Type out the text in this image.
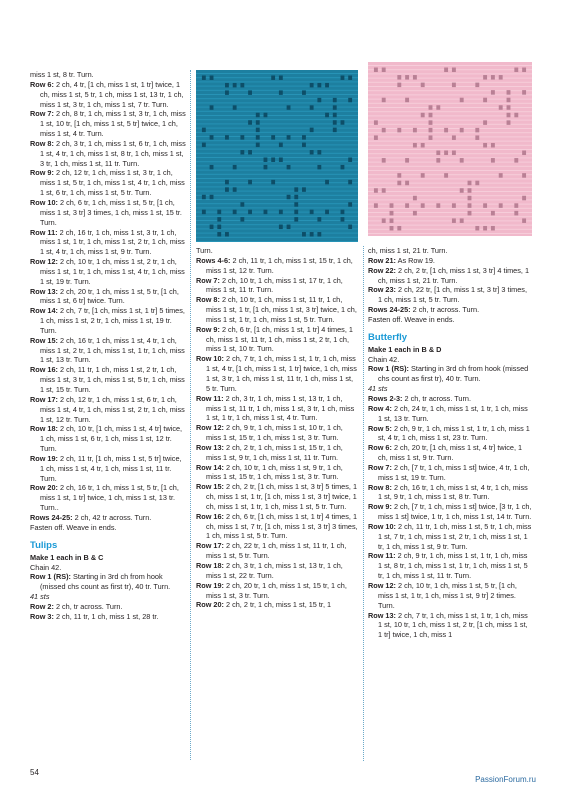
miss 1 st, 8 tr. Turn.

Row 6: 2 ch, 4 tr, [1 ch, miss 1 st, 1 tr] twice, 1 ch, miss 1 st, 5 tr, 1 ch, miss 1 st, 13 tr, 1 ch, miss 1 st, 3 tr, 1 ch, miss 1 st, 7 tr. Turn.

Row 7: 2 ch, 8 tr, 1 ch, miss 1 st, 3 tr, 1 ch, miss 1 st, 10 tr, [1 ch, miss 1 st, 5 tr] twice, 1 ch, miss 1 st, 4 tr. Turn.

Row 8: 2 ch, 3 tr, 1 ch, miss 1 st, 6 tr, 1 ch, miss 1 st, 4 tr, 1 ch, miss 1 st, 8 tr, 1 ch, miss 1 st, 3 tr, 1 ch, miss 1 st, 11 tr. Turn.

Row 9: 2 ch, 12 tr, 1 ch, miss 1 st, 3 tr, 1 ch, miss 1 st, 5 tr, 1 ch, miss 1 st, 4 tr, 1 ch, miss 1 st, 6 tr, 1 ch, miss 1 st, 5 tr. Turn.

Row 10: 2 ch, 6 tr, 1 ch, miss 1 st, 5 tr, [1 ch, miss 1 st, 3 tr] 3 times, 1 ch, miss 1 st, 15 tr. Turn.

Row 11: 2 ch, 16 tr, 1 ch, miss 1 st, 3 tr, 1 ch, miss 1 st, 1 tr, 1 ch, miss 1 st, 2 tr, 1 ch, miss 1 st, 4 tr, 1 ch, miss 1 st, 9 tr. Turn.

Row 12: 2 ch, 10 tr, 1 ch, miss 1 st, 2 tr, 1 ch, miss 1 st, 1 tr, 1 ch, miss 1 st, 4 tr, 1 ch, miss 1 st, 19 tr. Turn.

Row 13: 2 ch, 20 tr, 1 ch, miss 1 st, 5 tr, [1 ch, miss 1 st, 6 tr] twice. Turn.

Row 14: 2 ch, 7 tr, [1 ch, miss 1 st, 1 tr] 5 times, 1 ch, miss 1 st, 2 tr, 1 ch, miss 1 st, 19 tr. Turn.

Row 15: 2 ch, 16 tr, 1 ch, miss 1 st, 4 tr, 1 ch, miss 1 st, 2 tr, 1 ch, miss 1 st, 1 tr, 1 ch, miss 1 st, 13 tr. Turn.

Row 16: 2 ch, 11 tr, 1 ch, miss 1 st, 2 tr, 1 ch, miss 1 st, 3 tr, 1 ch, miss 1 st, 5 tr, 1 ch, miss 1 st, 15 tr. Turn.

Row 17: 2 ch, 12 tr, 1 ch, miss 1 st, 6 tr, 1 ch, miss 1 st, 4 tr, 1 ch, miss 1 st, 2 tr, 1 ch, miss 1 st, 12 tr. Turn.

Row 18: 2 ch, 10 tr, [1 ch, miss 1 st, 4 tr] twice, 1 ch, miss 1 st, 6 tr, 1 ch, miss 1 st, 12 tr. Turn.

Row 19: 2 ch, 11 tr, [1 ch, miss 1 st, 5 tr] twice, 1 ch, miss 1 st, 4 tr, 1 ch, miss 1 st, 11 tr. Turn.

Row 20: 2 ch, 16 tr, 1 ch, miss 1 st, 5 tr, [1 ch, miss 1 st, 1 tr] twice, 1 ch, miss 1 st, 13 tr. Turn..

Rows 24-25: 2 ch, 42 tr across. Turn.

Fasten off. Weave in ends.

Tulips

Make 1 each in B & C

Chain 42.

Row 1 (RS): Starting in 3rd ch from hook (missed chs count as first tr), 40 tr. Turn.

41 sts

Row 2: 2 ch, tr across. Turn.

Row 3: 2 ch, 11 tr, 1 ch, miss 1 st, 28 tr.

Turn.

Rows 4-6: 2 ch, 11 tr, 1 ch, miss 1 st, 15 tr, 1 ch, miss 1 st, 12 tr. Turn.

Row 7: 2 ch, 10 tr, 1 ch, miss 1 st, 17 tr, 1 ch, miss 1 st, 11 tr. Turn.

Row 8: 2 ch, 10 tr, 1 ch, miss 1 st, 11 tr, 1 ch, miss 1 st, 1 tr, [1 ch, miss 1 st, 3 tr] twice, 1 ch, miss 1 st, 1 tr, 1 ch, miss 1 st, 5 tr. Turn.

Row 9: 2 ch, 6 tr, [1 ch, miss 1 st, 1 tr] 4 times, 1 ch, miss 1 st, 11 tr, 1 ch, miss 1 st, 2 tr, 1 ch, miss 1 st, 10 tr. Turn.

Row 10: 2 ch, 7 tr, 1 ch, miss 1 st, 1 tr, 1 ch, miss 1 st, 4 tr, [1 ch, miss 1 st, 1 tr] twice, 1 ch, miss 1 st, 3 tr, 1 ch, miss 1 st, 11 tr, 1 ch, miss 1 st, 5 tr. Turn.

Row 11: 2 ch, 3 tr, 1 ch, miss 1 st, 13 tr, 1 ch, miss 1 st, 11 tr, 1 ch, miss 1 st, 3 tr, 1 ch, miss 1 st, 1 tr, 1 ch, miss 1 st, 4 tr. Turn.

Row 12: 2 ch, 9 tr, 1 ch, miss 1 st, 10 tr, 1 ch, miss 1 st, 15 tr, 1 ch, miss 1 st, 3 tr. Turn.

Row 13: 2 ch, 2 tr, 1 ch, miss 1 st, 15 tr, 1 ch, miss 1 st, 9 tr, 1 ch, miss 1 st, 11 tr. Turn.

Row 14: 2 ch, 10 tr, 1 ch, miss 1 st, 9 tr, 1 ch, miss 1 st, 15 tr, 1 ch, miss 1 st, 3 tr. Turn.

Row 15: 2 ch, 2 tr, [1 ch, miss 1 st, 3 tr] 5 times, 1 ch, miss 1 st, 1 tr, [1 ch, miss 1 st, 3 tr] twice, 1 ch, miss 1 st, 1 tr, 1 ch, miss 1 st, 5 tr. Turn.

Row 16: 2 ch, 6 tr, [1 ch, miss 1 st, 1 tr] 4 times, 1 ch, miss 1 st, 7 tr, [1 ch, miss 1 st, 3 tr] 3 times, 1 ch, miss 1 st, 5 tr. Turn.

Row 17: 2 ch, 22 tr, 1 ch, miss 1 st, 11 tr, 1 ch, miss 1 st, 5 tr. Turn.

Row 18: 2 ch, 3 tr, 1 ch, miss 1 st, 13 tr, 1 ch, miss 1 st, 22 tr. Turn.

Row 19: 2 ch, 20 tr, 1 ch, miss 1 st, 15 tr, 1 ch, miss 1 st, 3 tr. Turn.

Row 20: 2 ch, 2 tr, 1 ch, miss 1 st, 15 tr, 1

ch, miss 1 st, 21 tr. Turn.

Row 21: As Row 19.

Row 22: 2 ch, 2 tr, [1 ch, miss 1 st, 3 tr] 4 times, 1 ch, miss 1 st, 21 tr. Turn.

Row 23: 2 ch, 22 tr, [1 ch, miss 1 st, 3 tr] 3 times, 1 ch, miss 1 st, 5 tr. Turn.

Rows 24-25: 2 ch, tr across. Turn.

Fasten off. Weave in ends.

Butterfly

Make 1 each in B & D

Chain 42.

Row 1 (RS): Starting in 3rd ch from hook (missed chs count as first tr), 40 tr. Turn.

41 sts

Rows 2-3: 2 ch, tr across. Turn.

Row 4: 2 ch, 24 tr, 1 ch, miss 1 st, 1 tr, 1 ch, miss 1 st, 13 tr. Turn.

Row 5: 2 ch, 9 tr, 1 ch, miss 1 st, 1 tr, 1 ch, miss 1 st, 4 tr, 1 ch, miss 1 st, 23 tr. Turn.

Row 6: 2 ch, 20 tr, [1 ch, miss 1 st, 4 tr] twice, 1 ch, miss 1 st, 9 tr. Turn.

Row 7: 2 ch, [7 tr, 1 ch, miss 1 st] twice, 4 tr, 1 ch, miss 1 st, 19 tr. Turn.

Row 8: 2 ch, 16 tr, 1 ch, miss 1 st, 4 tr, 1 ch, miss 1 st, 9 tr, 1 ch, miss 1 st, 8 tr. Turn.

Row 9: 2 ch, [7 tr, 1 ch, miss 1 st] twice, [3 tr, 1 ch, miss 1 st] twice, 1 tr, 1 ch, miss 1 st, 14 tr. Turn.

Row 10: 2 ch, 11 tr, 1 ch, miss 1 st, 5 tr, 1 ch, miss 1 st, 7 tr, 1 ch, miss 1 st, 2 tr, 1 ch, miss 1 st, 1 tr, 1 ch, miss 1 st, 9 tr. Turn.

Row 11: 2 ch, 9 tr, 1 ch, miss 1 st, 1 tr, 1 ch, miss 1 st, 8 tr, 1 ch, miss 1 st, 1 tr, 1 ch, miss 1 st, 5 tr, 1 ch, miss 1 st, 11 tr. Turn.

Row 12: 2 ch, 10 tr, 1 ch, miss 1 st, 5 tr, [1 ch, miss 1 st, 1 tr, 1 ch, miss 1 st, 9 tr] 2 times. Turn.

Row 13: 2 ch, 7 tr, 1 ch, miss 1 st, 1 tr, 1 ch, miss 1 st, 10 tr, 1 ch, miss 1 st, 2 tr, [1 ch, miss 1 st, 1 tr] twice, 1 ch, miss 1

54
PassionForum.ru
